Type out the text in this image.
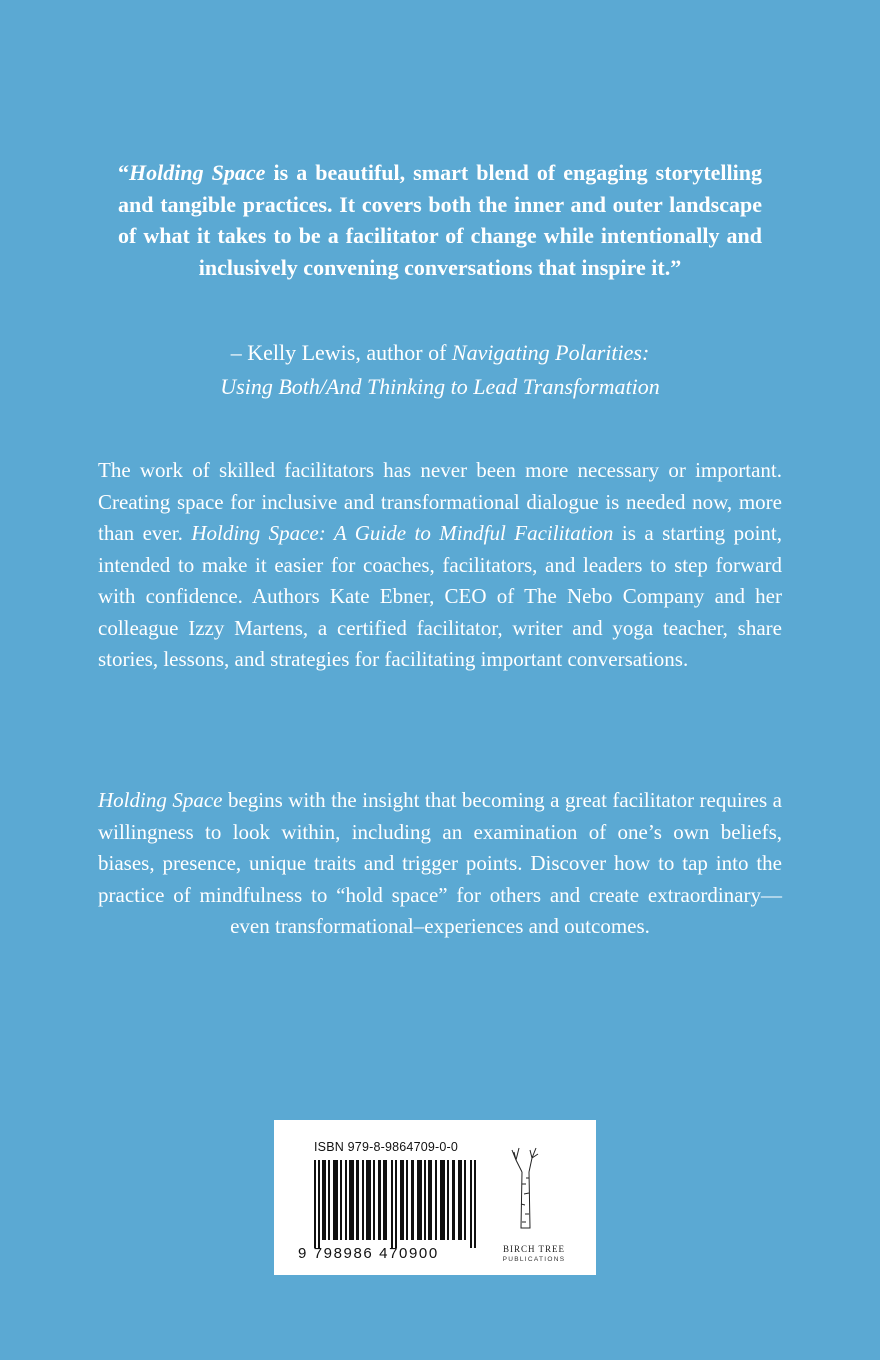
“Holding Space is a beautiful, smart blend of engaging storytelling and tangible practices. It covers both the inner and outer landscape of what it takes to be a facilitator of change while intentionally and inclusively convening conversations that inspire it.”
– Kelly Lewis, author of Navigating Polarities:
Using Both/And Thinking to Lead Transformation
The work of skilled facilitators has never been more necessary or important. Creating space for inclusive and transformational dialogue is needed now, more than ever. Holding Space: A Guide to Mindful Facilitation is a starting point, intended to make it easier for coaches, facilitators, and leaders to step forward with confidence. Authors Kate Ebner, CEO of The Nebo Company and her colleague Izzy Martens, a certified facilitator, writer and yoga teacher, share stories, lessons, and strategies for facilitating important conversations.
Holding Space begins with the insight that becoming a great facilitator requires a willingness to look within, including an examination of one’s own beliefs, biases, presence, unique traits and trigger points. Discover how to tap into the practice of mindfulness to “hold space” for others and create extraordinary—even transformational–experiences and outcomes.
ISBN 979-8-9864709-0-0
9 798986 470900	BIRCH TREE
PUBLICATIONS
